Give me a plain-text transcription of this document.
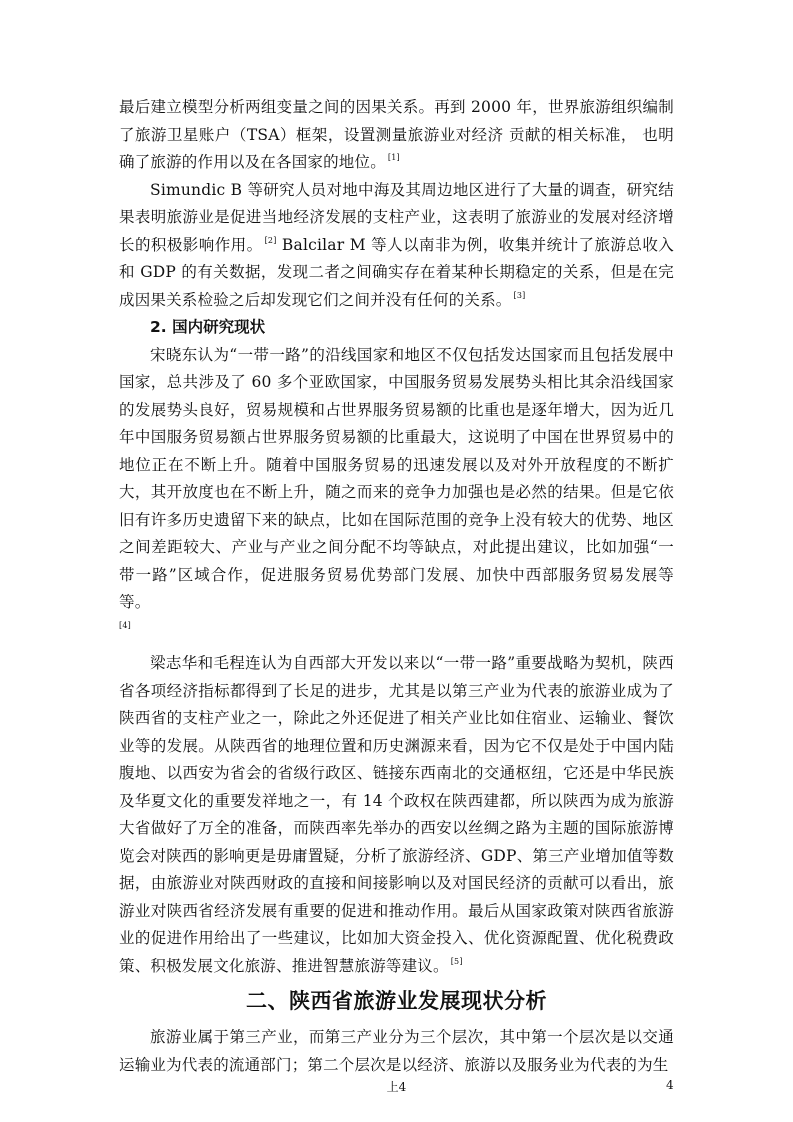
最后建立模型分析两组变量之间的因果关系。再到 2000 年，世界旅游组织编制了旅游卫星账户（TSA）框架，设置测量旅游业对经济 贡献的相关标准， 也明确了旅游的作用以及在各国家的地位。 [1]

Simundic B 等研究人员对地中海及其周边地区进行了大量的调查，研究结果表明旅游业是促进当地经济发展的支柱产业，这表明了旅游业的发展对经济增长的积极影响作用。 [2] Balcilar M 等人以南非为例，收集并统计了旅游总收入和 GDP 的有关数据，发现二者之间确实存在着某种长期稳定的关系，但是在完成因果关系检验之后却发现它们之间并没有任何的关系。 [3]

2. 国内研究现状

宋晓东认为“一带一路”的沿线国家和地区不仅包括发达国家而且包括发展中国家，总共涉及了 60 多个亚欧国家，中国服务贸易发展势头相比其余沿线国家的发展势头良好，贸易规模和占世界服务贸易额的比重也是逐年增大，因为近几年中国服务贸易额占世界服务贸易额的比重最大，这说明了中国在世界贸易中的地位正在不断上升。随着中国服务贸易的迅速发展以及对外开放程度的不断扩大，其开放度也在不断上升，随之而来的竞争力加强也是必然的结果。但是它依旧有许多历史遗留下来的缺点，比如在国际范围的竞争上没有较大的优势、地区之间差距较大、产业与产业之间分配不均等缺点，对此提出建议，比如加强“一带一路”区域合作，促进服务贸易优势部门发展、加快中西部服务贸易发展等等。
[4]

梁志华和毛程连认为自西部大开发以来以“一带一路”重要战略为契机，陕西省各项经济指标都得到了长足的进步，尤其是以第三产业为代表的旅游业成为了陕西省的支柱产业之一，除此之外还促进了相关产业比如住宿业、运输业、餐饮业等的发展。从陕西省的地理位置和历史渊源来看，因为它不仅是处于中国内陆腹地、以西安为省会的省级行政区、链接东西南北的交通枢纽，它还是中华民族及华夏文化的重要发祥地之一，有 14 个政权在陕西建都，所以陕西为成为旅游大省做好了万全的准备，而陕西率先举办的西安以丝绸之路为主题的国际旅游博览会对陕西的影响更是毋庸置疑，分析了旅游经济、GDP、第三产业增加值等数据，由旅游业对陕西财政的直接和间接影响以及对国民经济的贡献可以看出，旅游业对陕西省经济发展有重要的促进和推动作用。最后从国家政策对陕西省旅游业的促进作用给出了一些建议，比如加大资金投入、优化资源配置、优化税费政策、积极发展文化旅游、推进智慧旅游等建议。 [5]

二、陕西省旅游业发展现状分析

旅游业属于第三产业，而第三产业分为三个层次，其中第一个层次是以交通运输业为代表的流通部门；第二个层次是以经济、旅游以及服务业为代表的为生

上4	4
